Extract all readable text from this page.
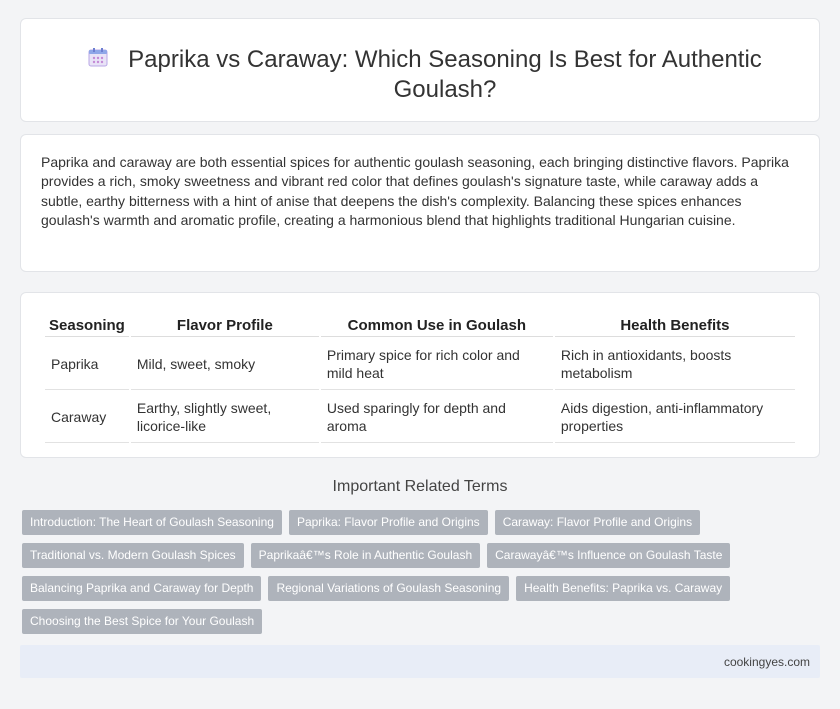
Paprika vs Caraway: Which Seasoning Is Best for Authentic Goulash?

Paprika and caraway are both essential spices for authentic goulash seasoning, each bringing distinctive flavors. Paprika provides a rich, smoky sweetness and vibrant red color that defines goulash's signature taste, while caraway adds a subtle, earthy bitterness with a hint of anise that deepens the dish's complexity. Balancing these spices enhances goulash's warmth and aromatic profile, creating a harmonious blend that highlights traditional Hungarian cuisine.

Seasoning	Flavor Profile	Common Use in Goulash	Health Benefits
Paprika	Mild, sweet, smoky	Primary spice for rich color and mild heat	Rich in antioxidants, boosts metabolism
Caraway	Earthy, slightly sweet, licorice-like	Used sparingly for depth and aroma	Aids digestion, anti-inflammatory properties
Important Related Terms
Introduction: The Heart of Goulash Seasoning	Paprika: Flavor Profile and Origins	Caraway: Flavor Profile and Origins
Traditional vs. Modern Goulash Spices	Paprikaâ€™s Role in Authentic Goulash	Carawayâ€™s Influence on Goulash Taste
Balancing Paprika and Caraway for Depth	Regional Variations of Goulash Seasoning	Health Benefits: Paprika vs. Caraway
Choosing the Best Spice for Your Goulash
cookingyes.com
